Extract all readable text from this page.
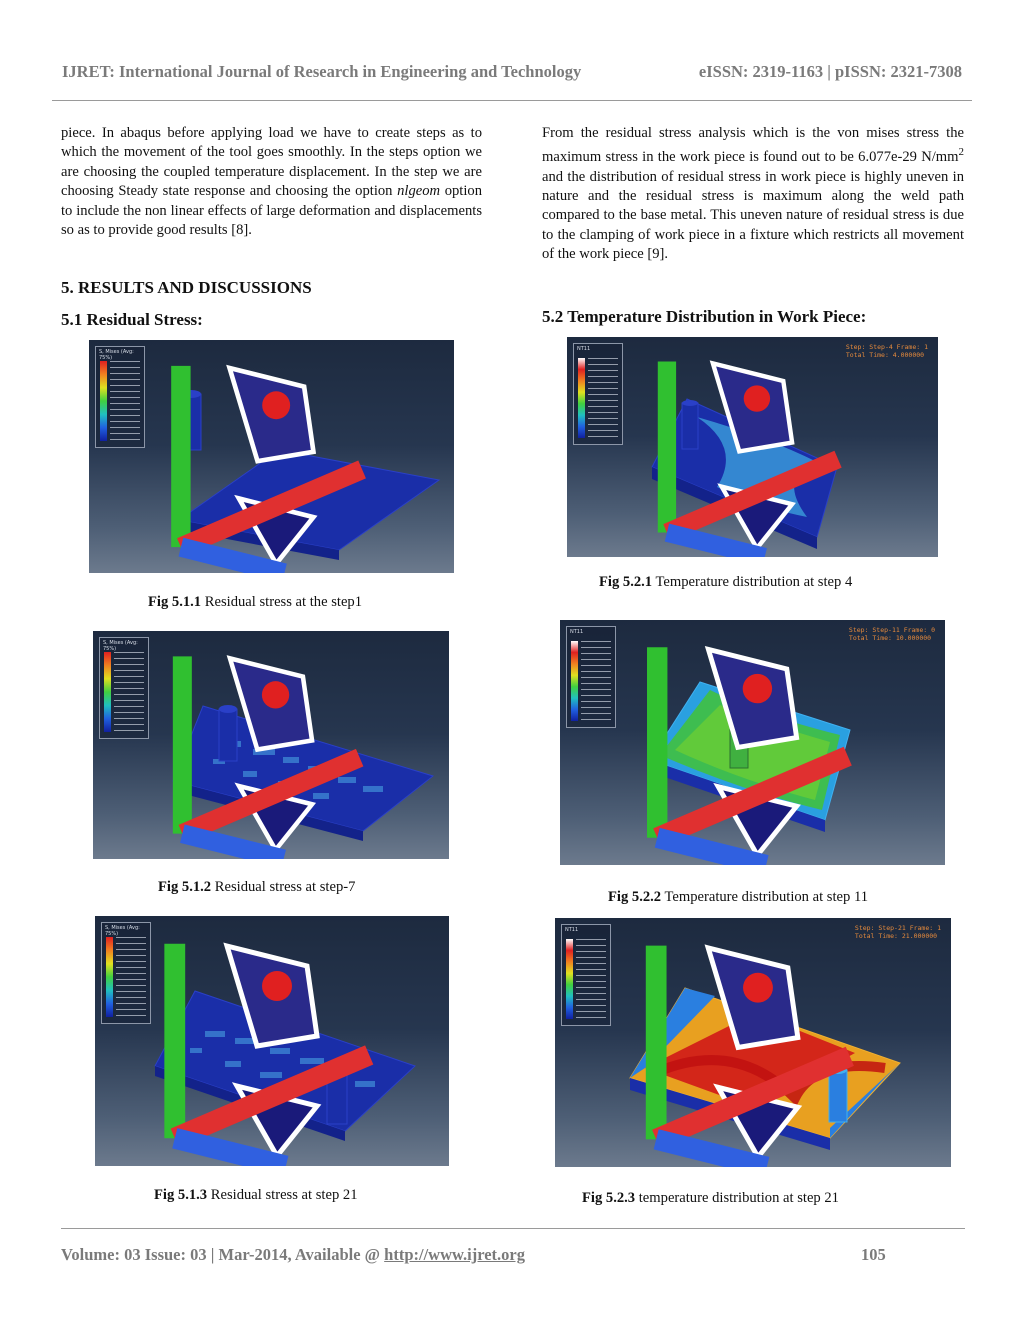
IJRET: International Journal of Research in Engineering and Technology	eISSN: 2319-1163 | pISSN: 2321-7308

piece. In abaqus before applying load we have to create steps as to which the movement of the tool goes smoothly. In the steps option we are choosing the coupled temperature displacement. In the step we are choosing Steady state response and choosing the option nlgeom option to include the non linear effects of large deformation and displacements so as to provide good results [8].

5. RESULTS AND DISCUSSIONS
5.1 Residual Stress:

From the residual stress analysis which is the von mises stress the maximum stress in the work piece is found out to be 6.077e-29 $N/mm^2$ and the distribution of residual stress in work piece is highly uneven in nature and the residual stress is maximum along the weld path compared to the base metal. This uneven nature of residual stress is due to the clamping of work piece in a fixture which restricts all movement of the work piece [9].

5.2 Temperature Distribution in Work Piece:
S, Mises (Avg: 75%)
Fig 5.1.1 Residual stress at the step1
S, Mises (Avg: 75%)
Fig 5.1.2 Residual stress at step-7
S, Mises (Avg: 75%)
Fig 5.1.3 Residual stress at step 21
NT11	Step: Step-4 Frame: 1
Total Time: 4.000000
Fig 5.2.1 Temperature distribution at step 4
NT11	Step: Step-11 Frame: 0
Total Time: 10.000000
Fig 5.2.2 Temperature distribution at step 11
NT11	Step: Step-21 Frame: 1
Total Time: 21.000000
Fig 5.2.3 temperature distribution at step 21
Volume: 03 Issue: 03 | Mar-2014, Available @ http://www.ijret.org	105
